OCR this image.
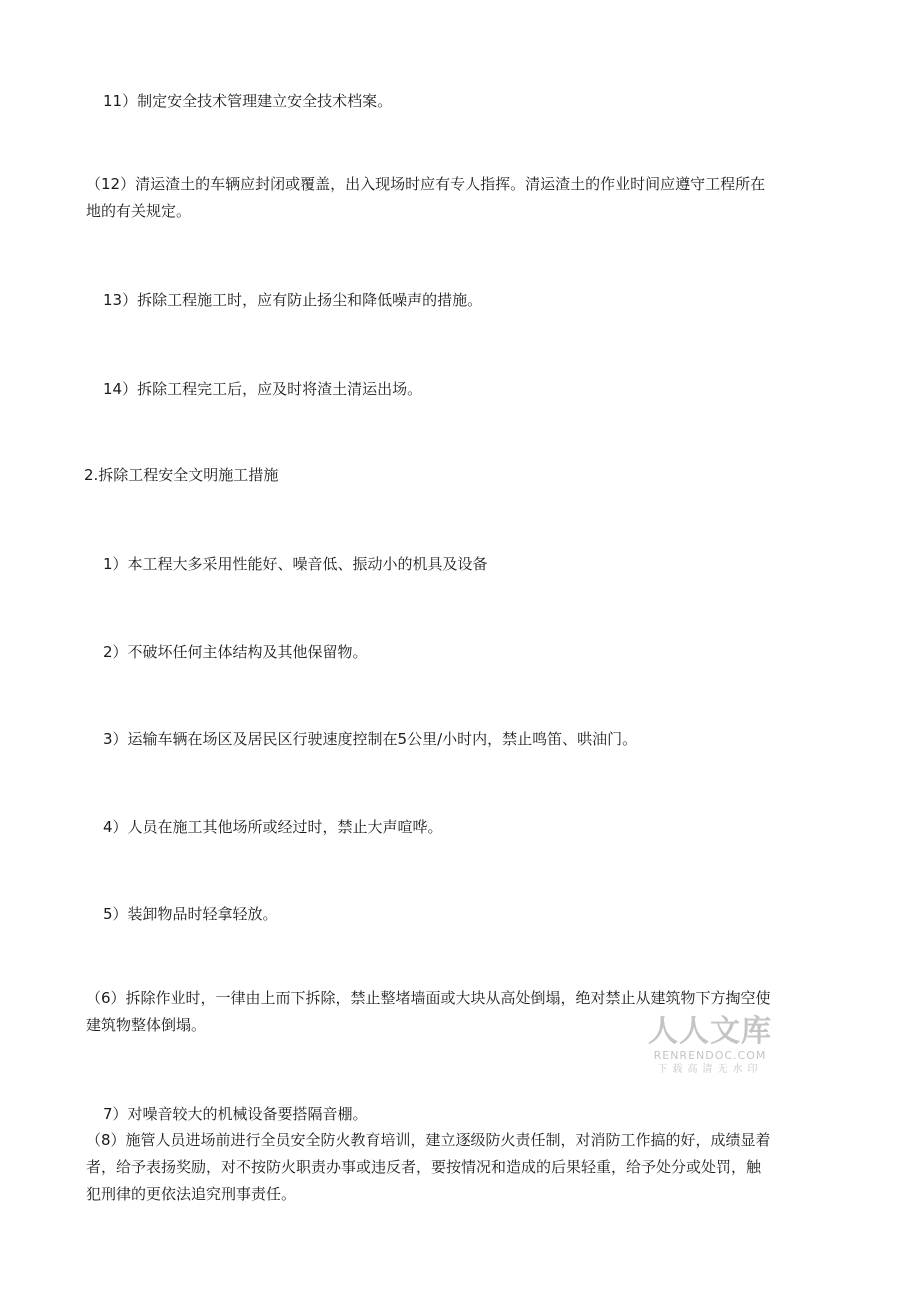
11）制定安全技术管理建立安全技术档案。

（12）清运渣土的车辆应封闭或覆盖，出入现场时应有专人指挥。清运渣土的作业时间应遵守工程所在
地的有关规定。

13）拆除工程施工时，应有防止扬尘和降低噪声的措施。

14）拆除工程完工后，应及时将渣土清运出场。

2.拆除工程安全文明施工措施

1）本工程大多采用性能好、噪音低、振动小的机具及设备

2）不破坏任何主体结构及其他保留物。

3）运输车辆在场区及居民区行驶速度控制在5公里/小时内，禁止鸣笛、哄油门。

4）人员在施工其他场所或经过时，禁止大声喧哗。

5）装卸物品时轻拿轻放。

（6）拆除作业时，一律由上而下拆除，禁止整堵墙面或大块从高处倒塌，绝对禁止从建筑物下方掏空使
建筑物整体倒塌。

7）对噪音较大的机械设备要搭隔音棚。

（8）施管人员进场前进行全员安全防火教育培训，建立逐级防火责任制，对消防工作搞的好，成绩显着
者，给予表扬奖励，对不按防火职责办事或违反者，要按情况和造成的后果轻重，给予处分或处罚，触
犯刑律的更依法追究刑事责任。

人人文库
RENRENDOC.COM
下载高清无水印
